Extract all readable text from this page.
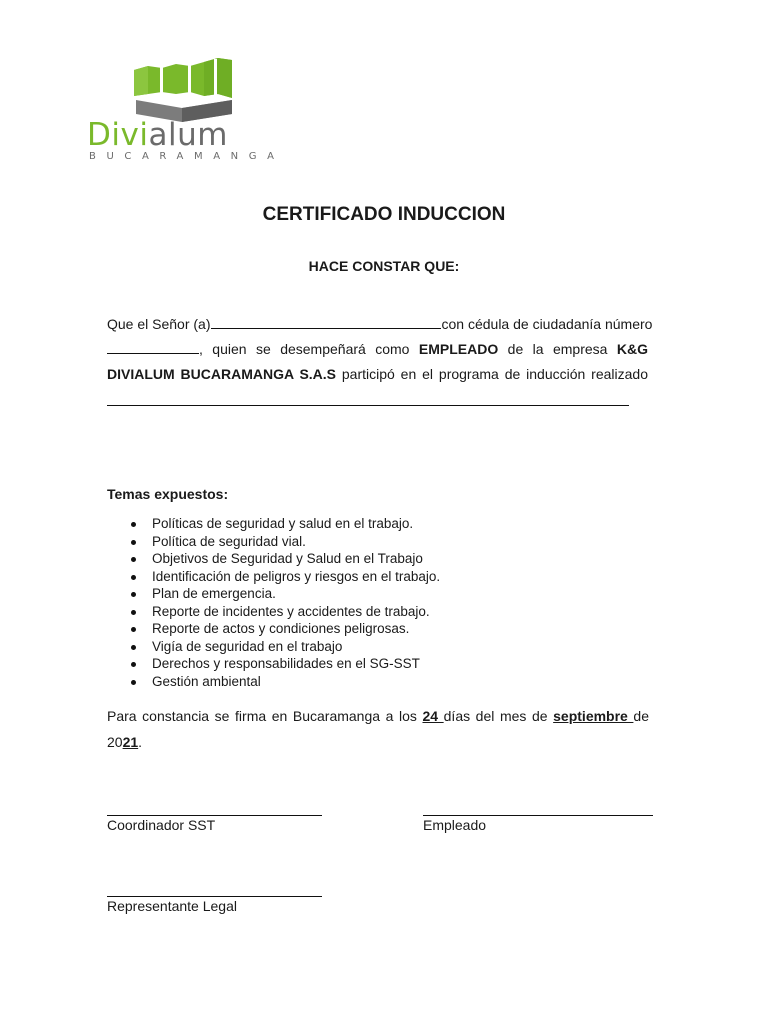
Divialum
BUCARAMANGA
CERTIFICADO INDUCCION
HACE CONSTAR QUE:
Que el Señor (a)	con cédula de ciudadanía número
, quien se desempeñará como EMPLEADO de la empresa K&G
DIVIALUM BUCARAMANGA S.A.S participó en el programa de inducción realizado
Temas expuestos:
Políticas de seguridad y salud en el trabajo.
Política de seguridad vial.
Objetivos de Seguridad y Salud en el Trabajo
Identificación de peligros y riesgos en el trabajo.
Plan de emergencia.
Reporte de incidentes y accidentes de trabajo.
Reporte de actos y condiciones peligrosas.
Vigía de seguridad en el trabajo
Derechos y responsabilidades en el SG-SST
Gestión ambiental
Para constancia se firma en Bucaramanga a los 24 días del mes de septiembre de
2021.
Coordinador SST	Empleado
Representante Legal
